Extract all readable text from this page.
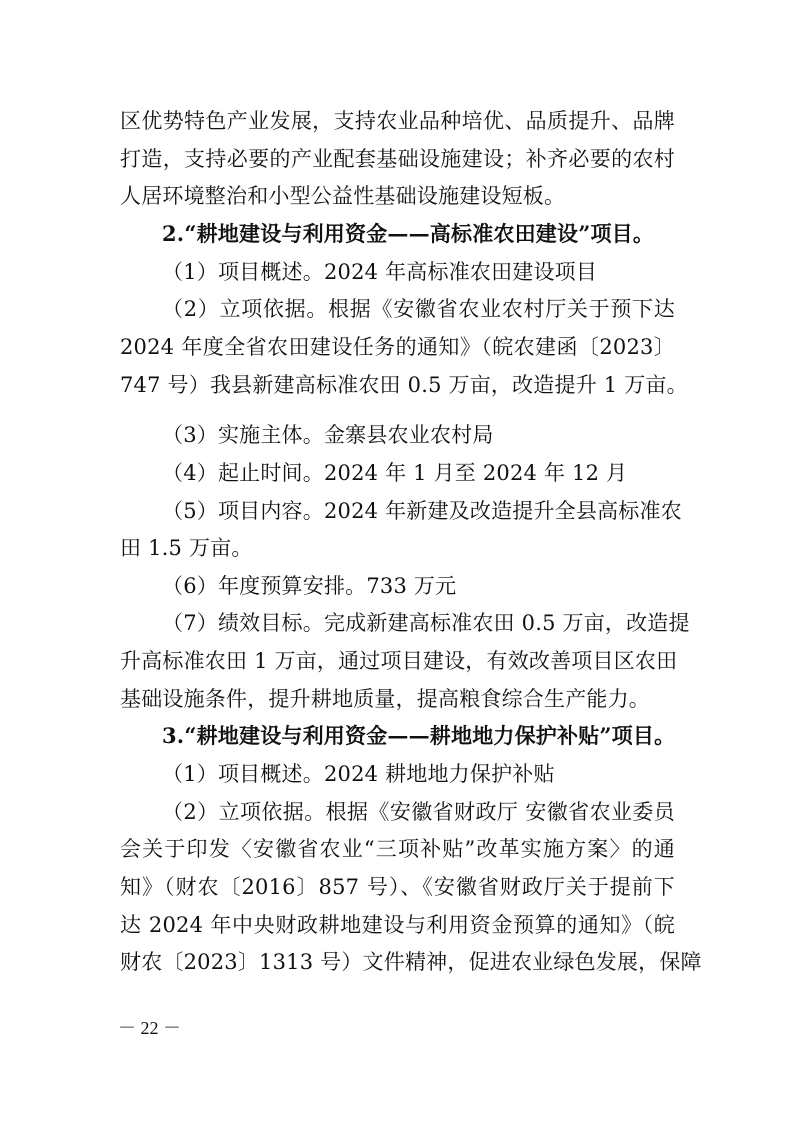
区优势特色产业发展，支持农业品种培优、品质提升、品牌
打造，支持必要的产业配套基础设施建设；补齐必要的农村
人居环境整治和小型公益性基础设施建设短板。
2.“耕地建设与利用资金——高标准农田建设”项目。
（1）项目概述。2024 年高标准农田建设项目
（2）立项依据。根据《安徽省农业农村厅关于预下达
2024 年度全省农田建设任务的通知》（皖农建函〔2023〕
747 号）我县新建高标准农田 0.5 万亩，改造提升 1 万亩。
（3）实施主体。金寨县农业农村局
（4）起止时间。2024 年 1 月至 2024 年 12 月
（5）项目内容。2024 年新建及改造提升全县高标准农
田 1.5 万亩。
（6）年度预算安排。733 万元
（7）绩效目标。完成新建高标准农田 0.5 万亩，改造提
升高标准农田 1 万亩，通过项目建设，有效改善项目区农田
基础设施条件，提升耕地质量，提高粮食综合生产能力。
3.“耕地建设与利用资金——耕地地力保护补贴”项目。
（1）项目概述。2024 耕地地力保护补贴
（2）立项依据。根据《安徽省财政厅 安徽省农业委员
会关于印发〈安徽省农业“三项补贴”改革实施方案〉的通
知》（财农〔2016〕857 号）、《安徽省财政厅关于提前下
达 2024 年中央财政耕地建设与利用资金预算的通知》（皖
财农〔2023〕1313 号）文件精神，促进农业绿色发展，保障
－ 22 －
